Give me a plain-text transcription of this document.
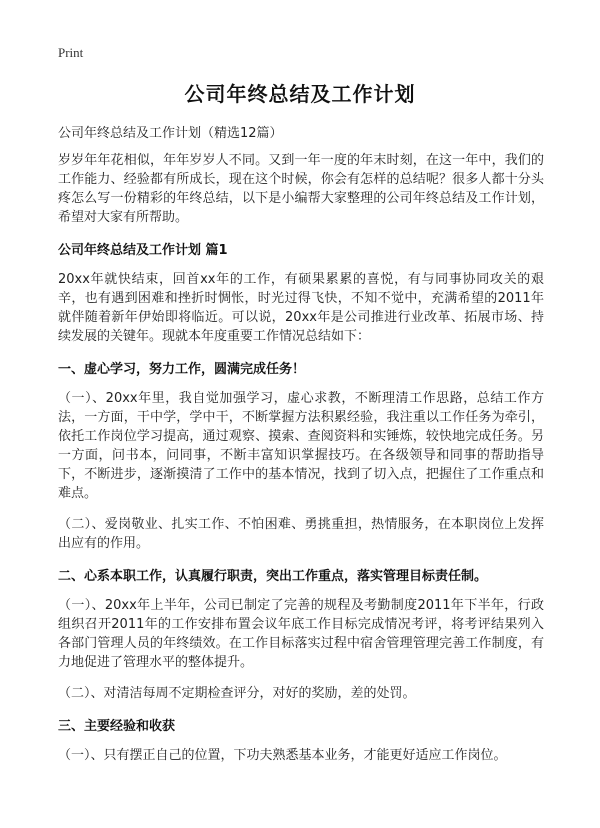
Print
公司年终总结及工作计划
公司年终总结及工作计划（精选12篇）

岁岁年年花相似，年年岁岁人不同。又到一年一度的年末时刻，在这一年中，我们的工作能力、经验都有所成长，现在这个时候，你会有怎样的总结呢？很多人都十分头疼怎么写一份精彩的年终总结，以下是小编帮大家整理的公司年终总结及工作计划，希望对大家有所帮助。

公司年终总结及工作计划 篇1

20xx年就快结束，回首xx年的工作，有硕果累累的喜悦，有与同事协同攻关的艰辛，也有遇到困难和挫折时惆怅，时光过得飞快，不知不觉中，充满希望的2011年就伴随着新年伊始即将临近。可以说，20xx年是公司推进行业改革、拓展市场、持续发展的关键年。现就本年度重要工作情况总结如下：

一、虚心学习，努力工作，圆满完成任务！

（一）、20xx年里，我自觉加强学习，虚心求教，不断理清工作思路，总结工作方法，一方面，干中学，学中干，不断掌握方法积累经验，我注重以工作任务为牵引，依托工作岗位学习提高，通过观察、摸索、查阅资料和实锤炼，较快地完成任务。另一方面，问书本，问同事，不断丰富知识掌握技巧。在各级领导和同事的帮助指导下，不断进步，逐渐摸清了工作中的基本情况，找到了切入点，把握住了工作重点和难点。

（二）、爱岗敬业、扎实工作、不怕困难、勇挑重担，热情服务，在本职岗位上发挥出应有的作用。

二、心系本职工作，认真履行职责，突出工作重点，落实管理目标责任制。

（一）、20xx年上半年，公司已制定了完善的规程及考勤制度2011年下半年，行政组织召开2011年的工作安排布置会议年底工作目标完成情况考评，将考评结果列入各部门管理人员的年终绩效。在工作目标落实过程中宿舍管理管理完善工作制度，有力地促进了管理水平的整体提升。

（二）、对清洁每周不定期检查评分，对好的奖励，差的处罚。

三、主要经验和收获

（一）、只有摆正自己的位置，下功夫熟悉基本业务，才能更好适应工作岗位。
